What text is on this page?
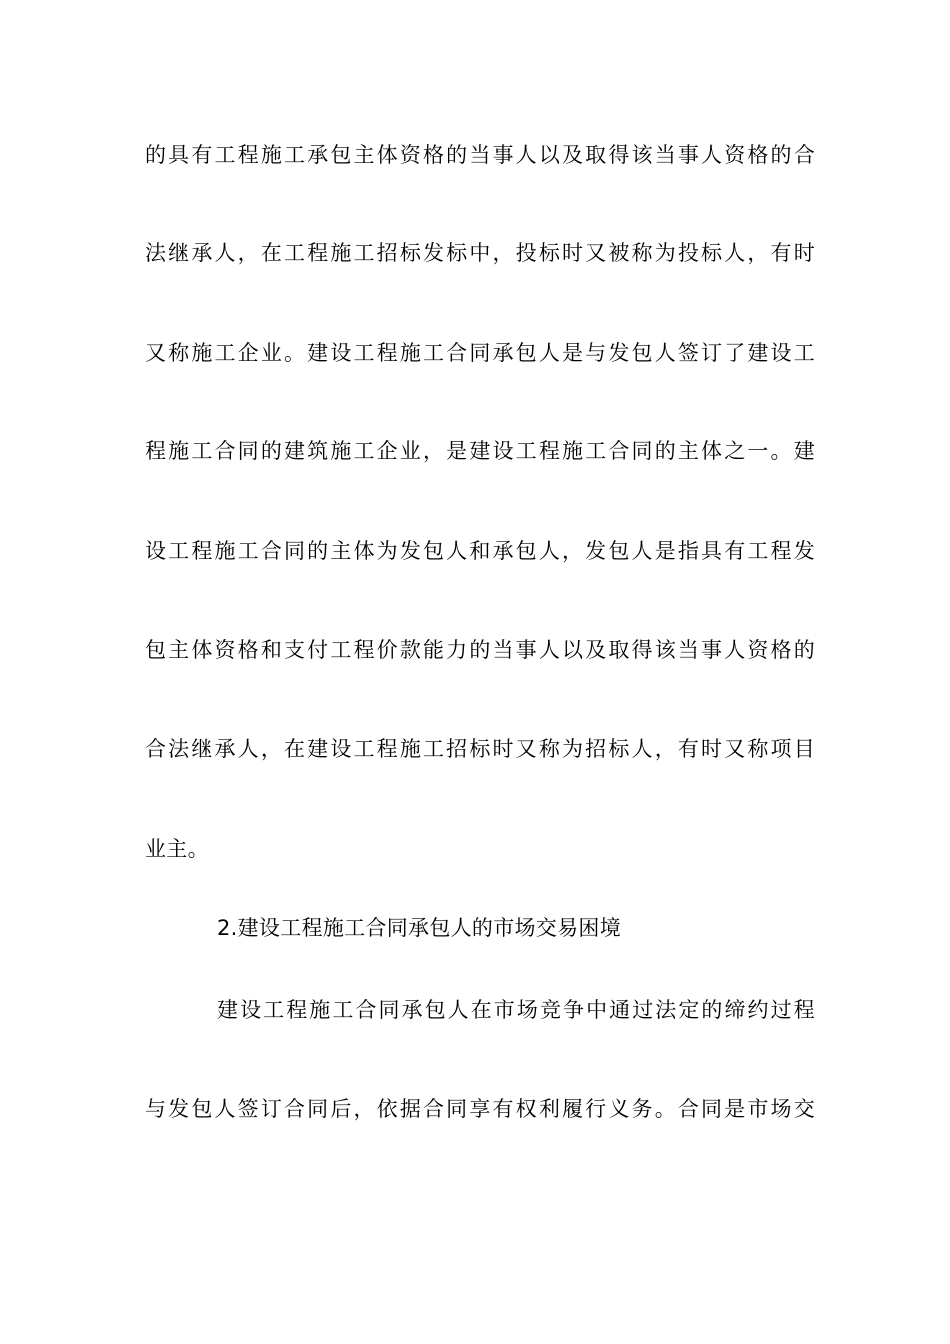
的具有工程施工承包主体资格的当事人以及取得该当事人资格的合
法继承人，在工程施工招标发标中，投标时又被称为投标人，有时
又称施工企业。建设工程施工合同承包人是与发包人签订了建设工
程施工合同的建筑施工企业，是建设工程施工合同的主体之一。建
设工程施工合同的主体为发包人和承包人，发包人是指具有工程发
包主体资格和支付工程价款能力的当事人以及取得该当事人资格的
合法继承人，在建设工程施工招标时又称为招标人，有时又称项目
业主。
2.建设工程施工合同承包人的市场交易困境
建设工程施工合同承包人在市场竞争中通过法定的缔约过程
与发包人签订合同后，依据合同享有权利履行义务。合同是市场交
